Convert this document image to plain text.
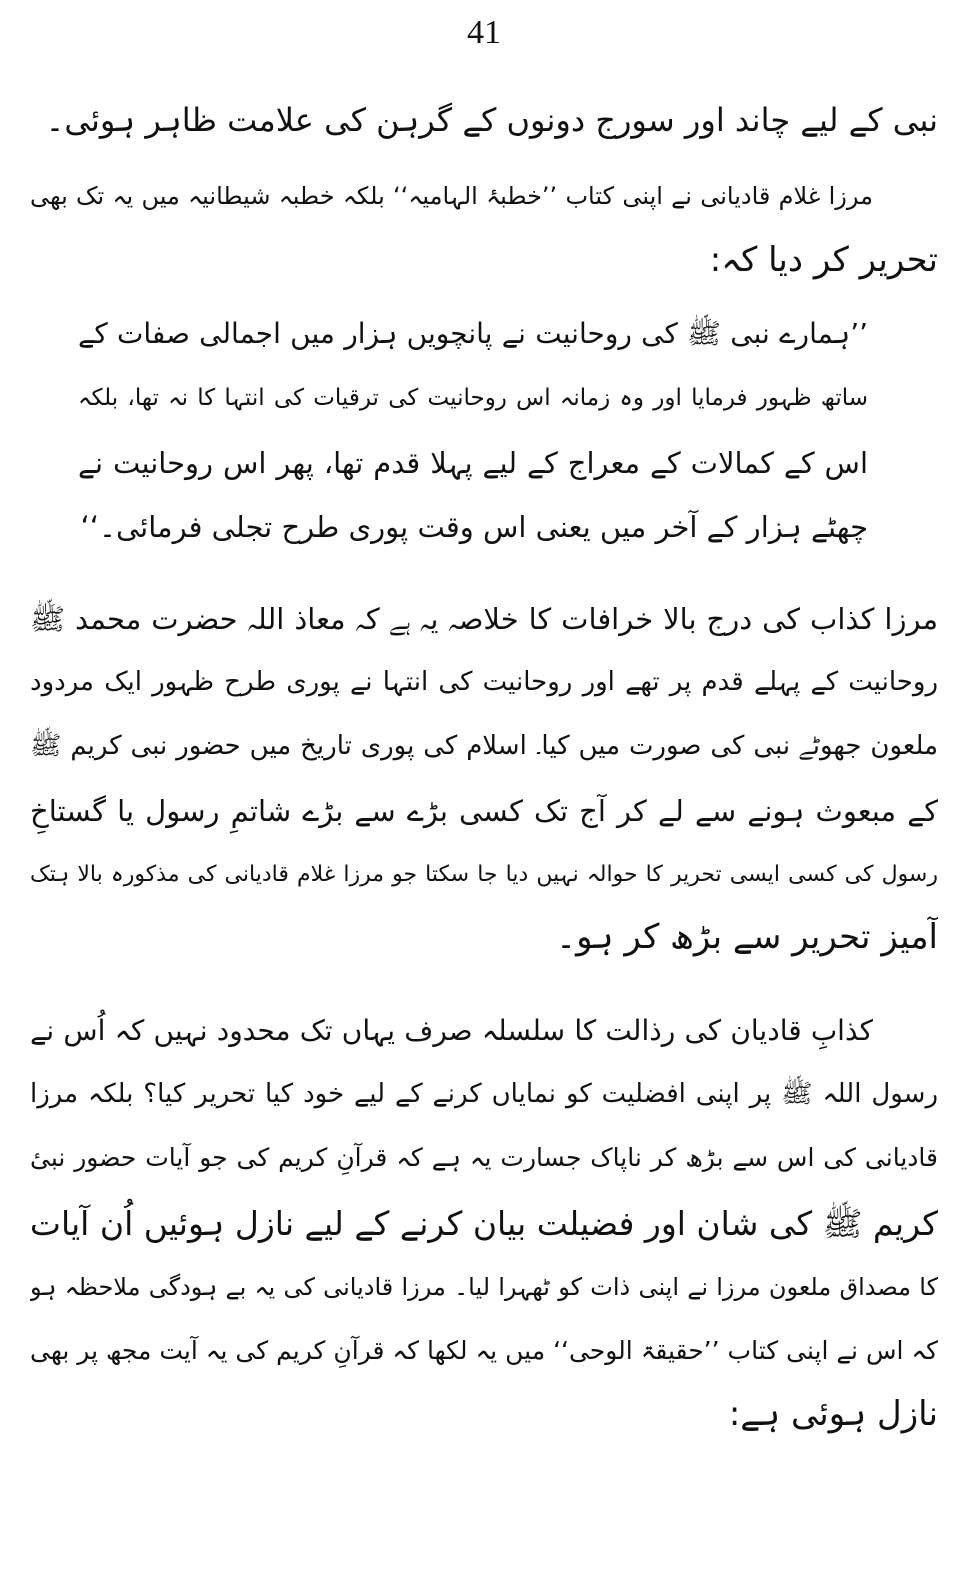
41
نبی کے لیے چاند اور سورج دونوں کے گرہن کی علامت ظاہر ہوئی۔
مرزا غلام قادیانی نے اپنی کتاب ’’خطبۂ الہامیہ‘‘ بلکہ خطبہ شیطانیہ میں یہ تک بھی
تحریر کر دیا کہ:
’’ہمارے نبی ﷺ کی روحانیت نے پانچویں ہزار میں اجمالی صفات کے
ساتھ ظہور فرمایا اور وہ زمانہ اس روحانیت کی ترقیات کی انتہا کا نہ تھا، بلکہ
اس کے کمالات کے معراج کے لیے پہلا قدم تھا، پھر اس روحانیت نے
چھٹے ہزار کے آخر میں یعنی اس وقت پوری طرح تجلی فرمائی۔‘‘
مرزا کذاب کی درج بالا خرافات کا خلاصہ یہ ہے کہ معاذ اللہ حضرت محمد ﷺ
روحانیت کے پہلے قدم پر تھے اور روحانیت کی انتہا نے پوری طرح ظہور ایک مردود
ملعون جھوٹے نبی کی صورت میں کیا۔ اسلام کی پوری تاریخ میں حضور نبی کریم ﷺ
کے مبعوث ہونے سے لے کر آج تک کسی بڑے سے بڑے شاتمِ رسول یا گستاخِ
رسول کی کسی ایسی تحریر کا حوالہ نہیں دیا جا سکتا جو مرزا غلام قادیانی کی مذکورہ بالا ہتک
آمیز تحریر سے بڑھ کر ہو۔
کذابِ قادیان کی رذالت کا سلسلہ صرف یہاں تک محدود نہیں کہ اُس نے
رسول اللہ ﷺ پر اپنی افضلیت کو نمایاں کرنے کے لیے خود کیا تحریر کیا؟ بلکہ مرزا
قادیانی کی اس سے بڑھ کر ناپاک جسارت یہ ہے کہ قرآنِ کریم کی جو آیات حضور نبیٔ
کریم ﷺ کی شان اور فضیلت بیان کرنے کے لیے نازل ہوئیں اُن آیات
کا مصداق ملعون مرزا نے اپنی ذات کو ٹھہرا لیا۔ مرزا قادیانی کی یہ بے ہودگی ملاحظہ ہو
کہ اس نے اپنی کتاب ’’حقیقۃ الوحی‘‘ میں یہ لکھا کہ قرآنِ کریم کی یہ آیت مجھ پر بھی
نازل ہوئی ہے:
